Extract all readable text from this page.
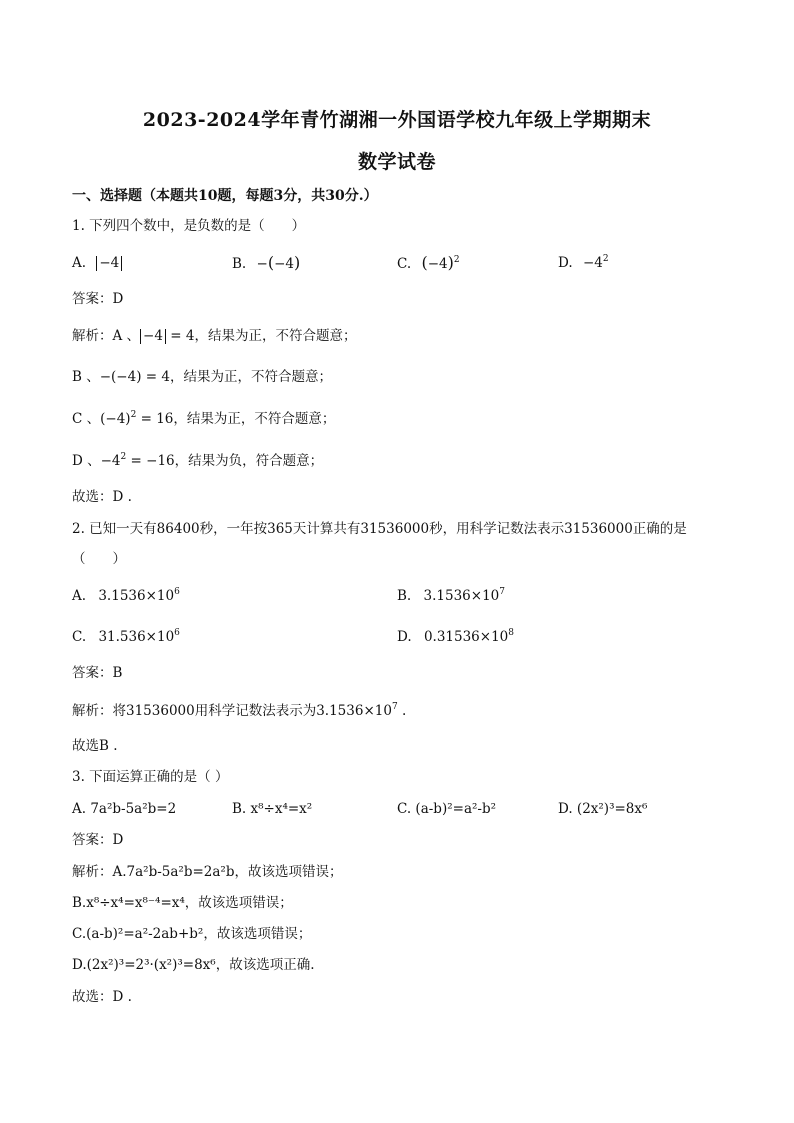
2023-2024学年青竹湖湘一外国语学校九年级上学期期末
数学试卷
一、选择题（本题共10题，每题3分，共30分.）
1. 下列四个数中，是负数的是（　　）
A. −4	B. −(−4)	C. $(-4)^2$	D. $-4^2$
答案：D
解析：A 、 −4 = 4，结果为正，不符合题意；
B 、−(−4) = 4，结果为正，不符合题意；
C 、$(-4)^2 = 16$，结果为正，不符合题意；
D 、$-4^2 = -16$，结果为负，符合题意；
故选：D .
2. 已知一天有86400秒，一年按365天计算共有31536000秒，用科学记数法表示31536000正确的是
（　　）
A. $3.1536\times 10^6$	B. $3.1536\times 10^7$
C. $31.536\times 10^6$	D. $0.31536\times 10^8$
答案：B
解析：将31536000用科学记数法表示为$3.1536\times 10^7$ .
故选B .
3. 下面运算正确的是（ ）
A. 7a²b-5a²b=2	B. x⁸÷x⁴=x²	C. (a-b)²=a²-b²	D. (2x²)³=8x⁶
答案：D
解析：A.7a²b-5a²b=2a²b，故该选项错误；
B.x⁸÷x⁴=x⁸⁻⁴=x⁴，故该选项错误；
C.(a-b)²=a²-2ab+b²，故该选项错误；
D.(2x²)³=2³·(x²)³=8x⁶，故该选项正确.
故选：D .
